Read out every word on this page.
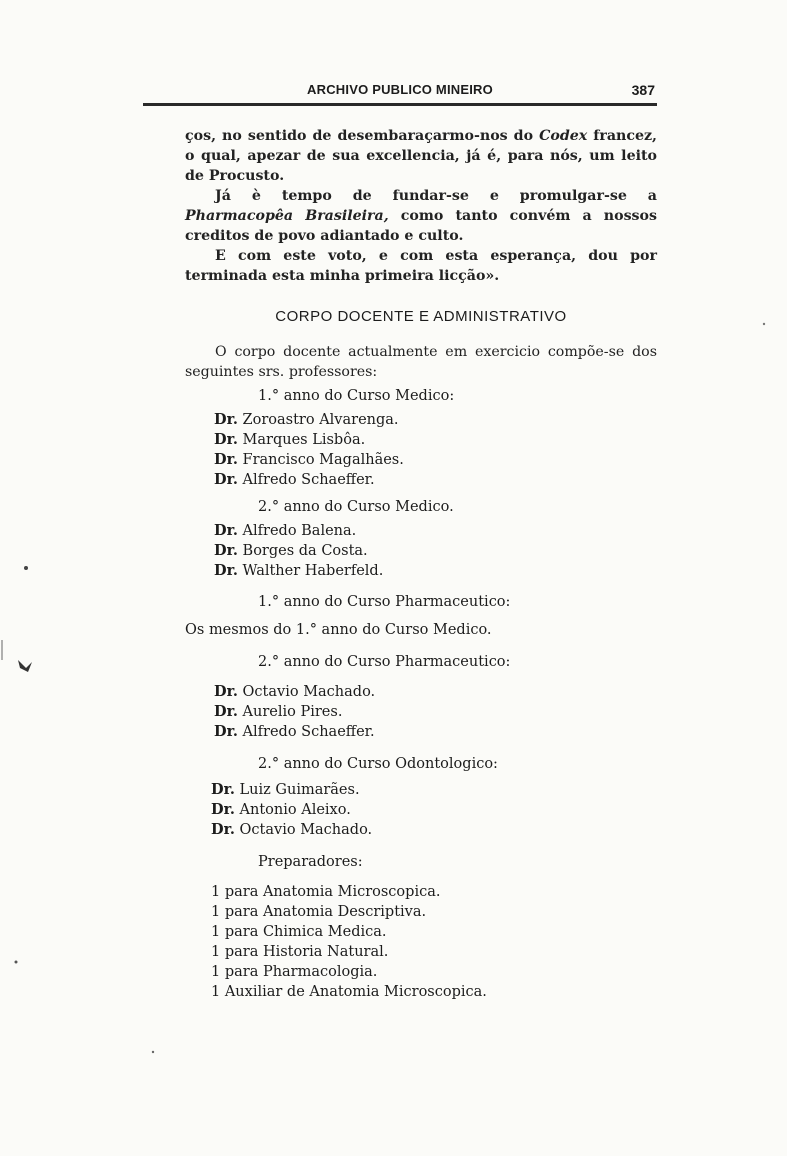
ARCHIVO PUBLICO MINEIRO	387

ços, no sentido de desembaraçarmo-nos do Codex francez, o qual, apezar de sua excellencia, já é, para nós, um leito de Procusto.

Já è tempo de fundar-se e promulgar-se a Pharmacopêa Brasileira, como tanto convém a nossos creditos de povo adiantado e culto.

E com este voto, e com esta esperança, dou por terminada esta minha primeira licção».

CORPO DOCENTE E ADMINISTRATIVO

O corpo docente actualmente em exercicio compõe-se dos seguintes srs. professores:

1.° anno do Curso Medico:
Dr. Zoroastro Alvarenga.
Dr. Marques Lisbôa.
Dr. Francisco Magalhães.
Dr. Alfredo Schaeffer.
2.° anno do Curso Medico.
Dr. Alfredo Balena.
Dr. Borges da Costa.
Dr. Walther Haberfeld.
1.° anno do Curso Pharmaceutico:
Os mesmos do 1.° anno do Curso Medico.
2.° anno do Curso Pharmaceutico:
Dr. Octavio Machado.
Dr. Aurelio Pires.
Dr. Alfredo Schaeffer.
2.° anno do Curso Odontologico:
Dr. Luiz Guimarães.
Dr. Antonio Aleixo.
Dr. Octavio Machado.
Preparadores:
1 para Anatomia Microscopica.
1 para Anatomia Descriptiva.
1 para Chimica Medica.
1 para Historia Natural.
1 para Pharmacologia.
1 Auxiliar de Anatomia Microscopica.
